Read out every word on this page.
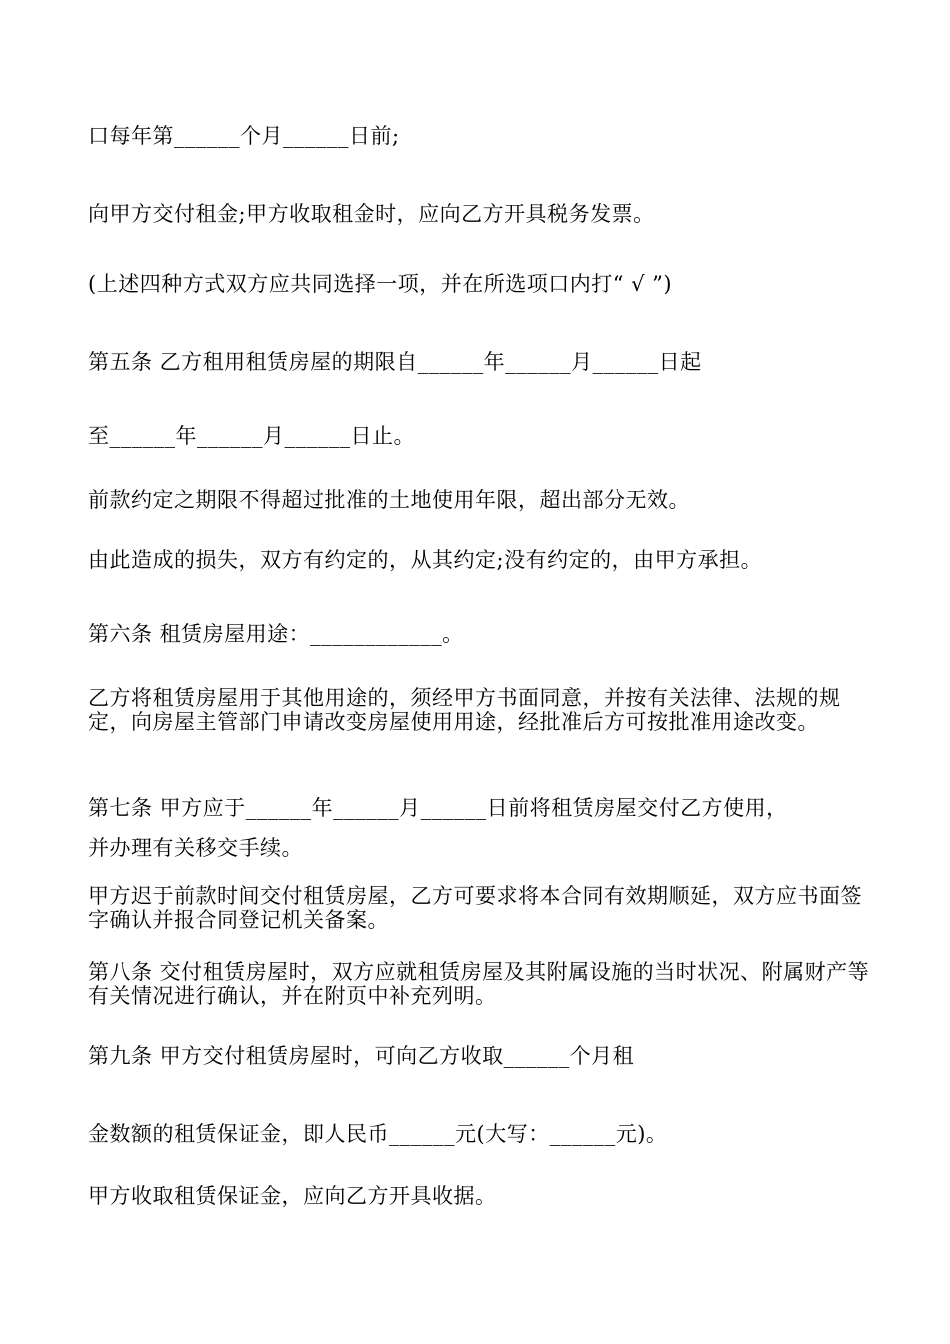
口每年第______个月______日前;
向甲方交付租金;甲方收取租金时，应向乙方开具税务发票。
(上述四种方式双方应共同选择一项，并在所选项口内打“ √ ”)
第五条 乙方租用租赁房屋的期限自______年______月______日起
至______年______月______日止。
前款约定之期限不得超过批准的土地使用年限，超出部分无效。
由此造成的损失，双方有约定的，从其约定;没有约定的，由甲方承担。
第六条 租赁房屋用途：____________。
乙方将租赁房屋用于其他用途的，须经甲方书面同意，并按有关法律、法规的规定，向房屋主管部门申请改变房屋使用用途，经批准后方可按批准用途改变。
第七条 甲方应于______年______月______日前将租赁房屋交付乙方使用，
并办理有关移交手续。
甲方迟于前款时间交付租赁房屋，乙方可要求将本合同有效期顺延，双方应书面签字确认并报合同登记机关备案。
第八条 交付租赁房屋时，双方应就租赁房屋及其附属设施的当时状况、附属财产等有关情况进行确认，并在附页中补充列明。
第九条 甲方交付租赁房屋时，可向乙方收取______个月租
金数额的租赁保证金，即人民币______元(大写：______元)。
甲方收取租赁保证金，应向乙方开具收据。
